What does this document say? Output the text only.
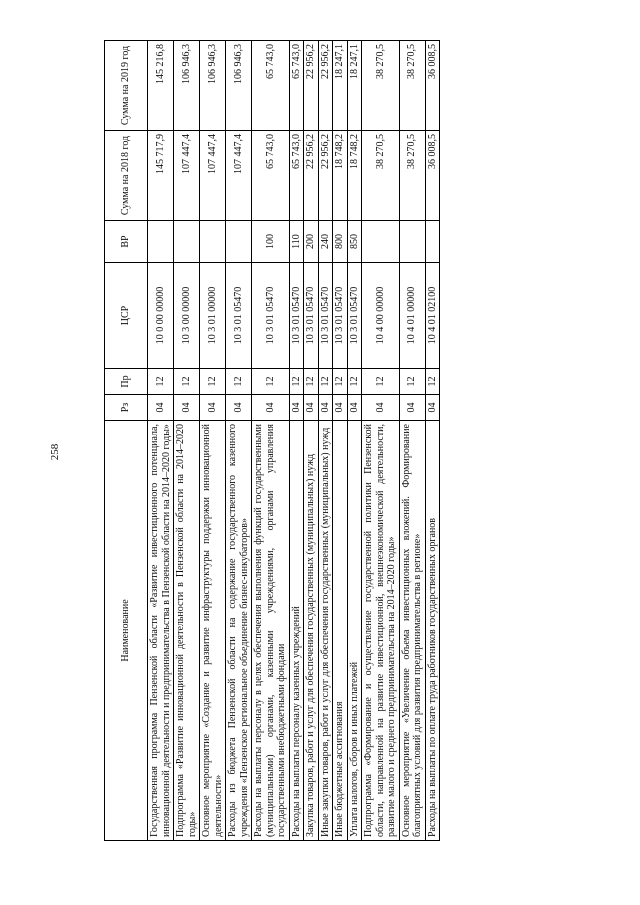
258
Наименование	Рз	Пр	ЦСР	ВР	Сумма на 2018 год	Сумма на 2019 год
Государственная программа Пензенской области «Развитие инвестиционного потенциала, инновационной деятельности и предпринимательства в Пензенской области на 2014–2020 годы»	04	12	10 0 00 00000		145 717,9	145 216,8
Подпрограмма «Развитие инновационной деятельности в Пензенской области на 2014–2020 годы»	04	12	10 3 00 00000		107 447,4	106 946,3
Основное мероприятие «Создание и развитие инфраструктуры поддержки инновационной деятельности»	04	12	10 3 01 00000		107 447,4	106 946,3
Расходы из бюджета Пензенской области на содержание государственного казенного учреждения «Пензенское региональное объединение бизнес-инкубаторов»	04	12	10 3 01 05470		107 447,4	106 946,3
Расходы на выплаты персоналу в целях обеспечения выполнения функций государственными (муниципальными) органами, казенными учреждениями, органами управления государственными внебюджетными фондами	04	12	10 3 01 05470	100	65 743,0	65 743,0
Расходы на выплаты персоналу казенных учреждений	04	12	10 3 01 05470	110	65 743,0	65 743,0
Закупка товаров, работ и услуг для обеспечения государственных (муниципальных) нужд	04	12	10 3 01 05470	200	22 956,2	22 956,2
Иные закупки товаров, работ и услуг для обеспечения государственных (муниципальных) нужд	04	12	10 3 01 05470	240	22 956,2	22 956,2
Иные бюджетные ассигнования	04	12	10 3 01 05470	800	18 748,2	18 247,1
Уплата налогов, сборов и иных платежей	04	12	10 3 01 05470	850	18 748,2	18 247,1
Подпрограмма «Формирование и осуществление государственной политики Пензенской области, направленной на развитие инвестиционной, внешнеэкономической деятельности, развитие малого и среднего предпринимательства на 2014–2020 годы»	04	12	10 4 00 00000		38 270,5	38 270,5
Основное мероприятие «Увеличение объема инвестиционных вложений. Формирование благоприятных условий для развития предпринимательства в регионе»	04	12	10 4 01 00000		38 270,5	38 270,5
Расходы на выплаты по оплате труда работников государственных органов	04	12	10 4 01 02100		36 008,5	36 008,5
